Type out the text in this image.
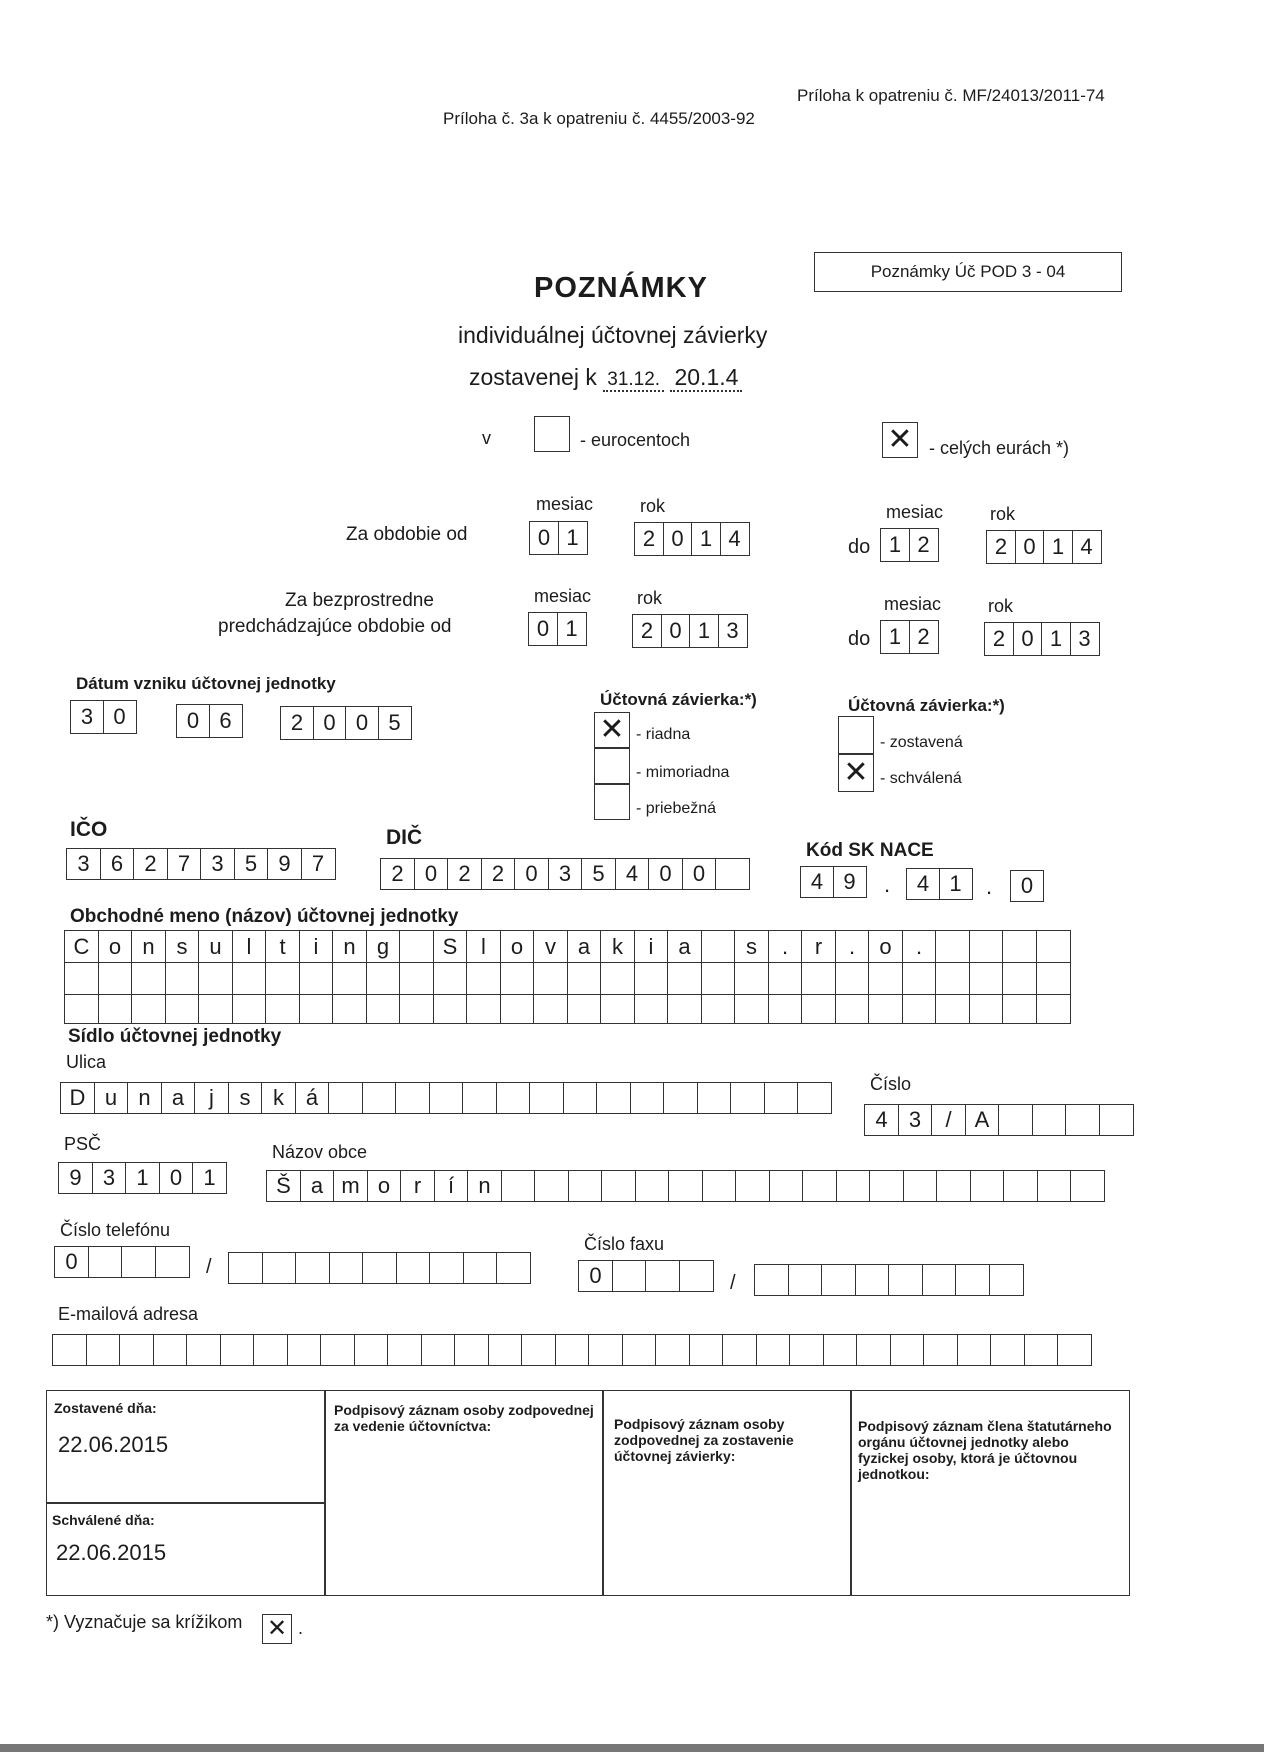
Príloha k opatreniu č. MF/24013/2011-74
Príloha č. 3a k opatreniu č. 4455/2003-92
Poznámky Úč POD 3 - 04
POZNÁMKY
individuálnej účtovnej závierky
zostavenej k 31.12. 20.1.4
v	- eurocentoch	✕ - celých eurách *)
mesiac	rok
Za obdobie od	0 1	2 0 1 4
mesiac	rok
do 1 2	2 0 1 4
Za bezprostredne
predchádzajúce obdobie od
mesiac	rok
0 1	2 0 1 3
mesiac	rok
do 1 2	2 0 1 3
Dátum vzniku účtovnej jednotky
3 0	0 6	2 0 0 5
Účtovná závierka:*)
✕ - riadna
- mimoriadna
- priebežná
Účtovná závierka:*)
- zostavená
✕ - schválená
IČO
3 6 2 7 3 5 9 7
DIČ
2 0 2 2 0 3 5 4 0 0
Kód SK NACE
4 9	.	4 1	.	0
Obchodné meno (názov) účtovnej jednotky
C o n s u	l	t	i	n g	S	l	o v a k	i	a	s	.	r	.	o	.
Sídlo účtovnej jednotky
Ulica
D u n a	j	s	k á
Číslo
4 3	/	A
PSČ
9 3 1 0 1
Názov obce
Š a m o	r	í	n
Číslo telefónu
0	/
Číslo faxu
0	/
E-mailová adresa
Zostavené dňa:
22.06.2015
Schválené dňa:
22.06.2015
Podpisový záznam osoby zodpovednej za vedenie účtovníctva:	Podpisový záznam osoby zodpovednej za zostavenie účtovnej závierky:
Podpisový záznam člena štatutárneho orgánu účtovnej jednotky alebo fyzickej osoby, ktorá je účtovnou jednotkou:
*) Vyznačuje sa krížikom ✕ .
